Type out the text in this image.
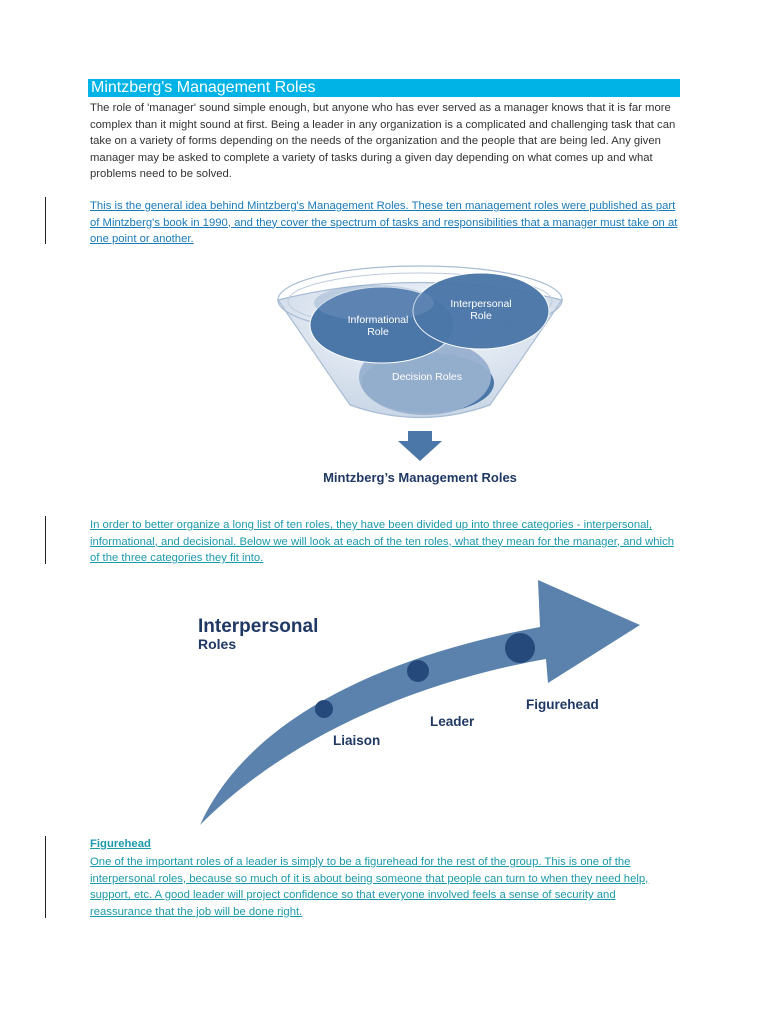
Mintzberg's Management Roles

The role of 'manager' sound simple enough, but anyone who has ever served as a manager knows that it is far more complex than it might sound at first. Being a leader in any organization is a complicated and challenging task that can take on a variety of forms depending on the needs of the organization and the people that are being led. Any given manager may be asked to complete a variety of tasks during a given day depending on what comes up and what problems need to be solved.

This is the general idea behind Mintzberg's Management Roles. These ten management roles were published as part of Mintzberg's book in 1990, and they cover the spectrum of tasks and responsibilities that a manager must take on at one point or another.

Informational
Role
Interpersonal
Role
Decision Roles
Mintzberg’s Management Roles

In order to better organize a long list of ten roles, they have been divided up into three categories - interpersonal, informational, and decisional. Below we will look at each of the ten roles, what they mean for the manager, and which of the three categories they fit into.

Interpersonal
Roles
Liaison
Leader
Figurehead
Figurehead

One of the important roles of a leader is simply to be a figurehead for the rest of the group. This is one of the interpersonal roles, because so much of it is about being someone that people can turn to when they need help, support, etc. A good leader will project confidence so that everyone involved feels a sense of security and reassurance that the job will be done right.
